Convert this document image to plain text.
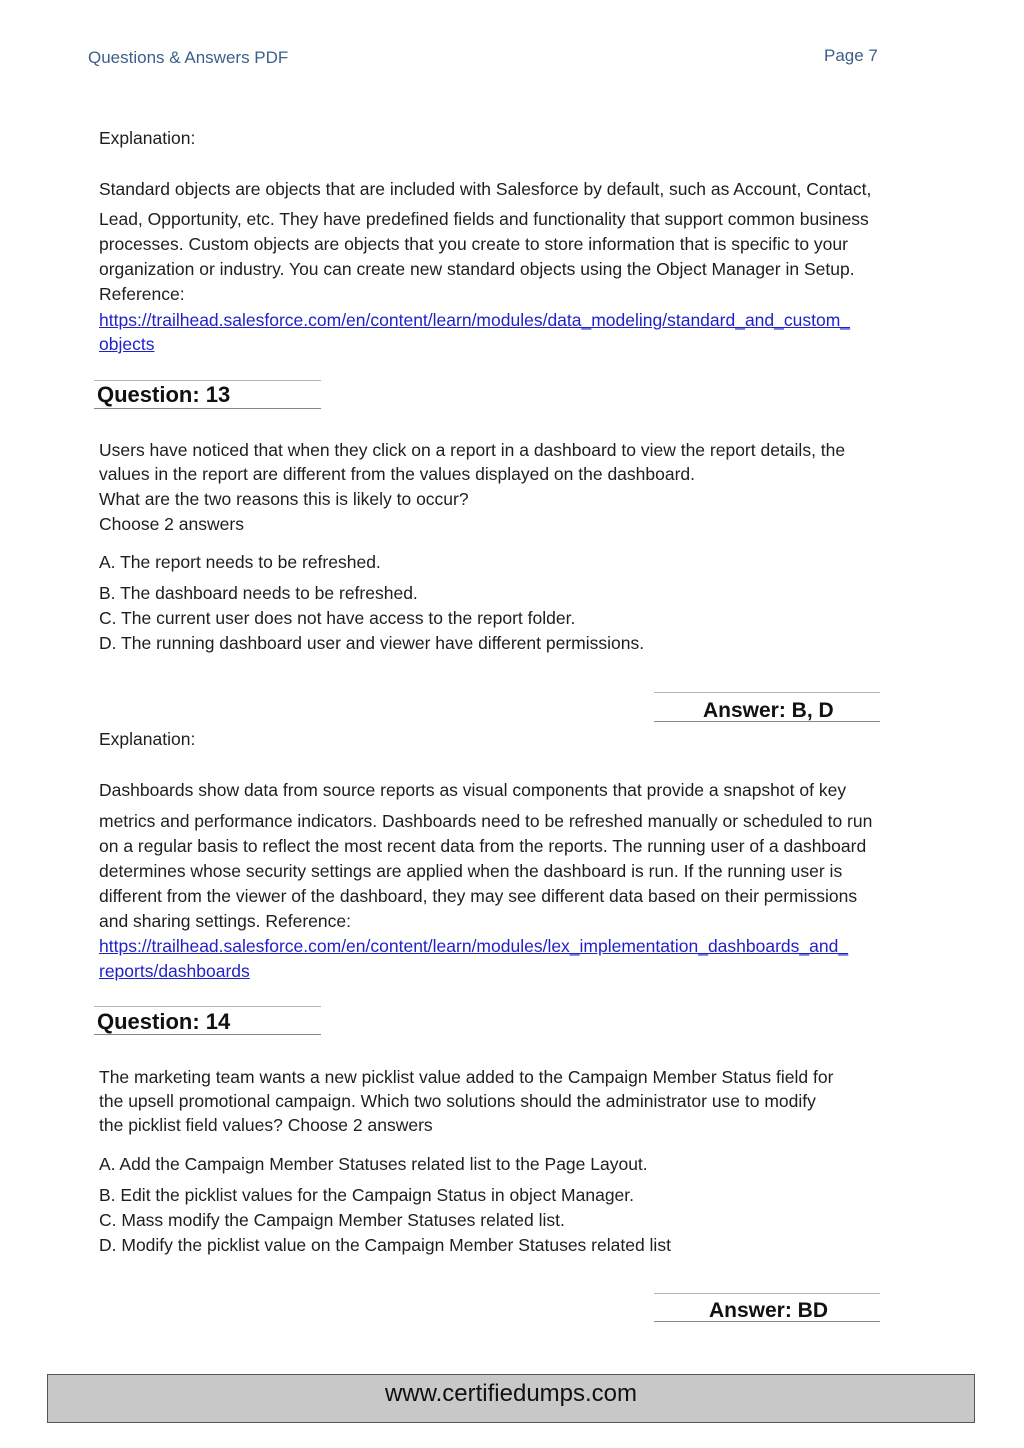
Questions & Answers PDF	Page 7
Explanation:
Standard objects are objects that are included with Salesforce by default, such as Account, Contact,
Lead, Opportunity, etc. They have predefined fields and functionality that support common business
processes. Custom objects are objects that you create to store information that is specific to your
organization or industry. You can create new standard objects using the Object Manager in Setup.
Reference:
https://trailhead.salesforce.com/en/content/learn/modules/data_modeling/standard_and_custom_
objects
Question: 13
Users have noticed that when they click on a report in a dashboard to view the report details, the
values in the report are different from the values displayed on the dashboard.
What are the two reasons this is likely to occur?
Choose 2 answers
A. The report needs to be refreshed.
B. The dashboard needs to be refreshed.
C. The current user does not have access to the report folder.
D. The running dashboard user and viewer have different permissions.
Answer: B, D
Explanation:
Dashboards show data from source reports as visual components that provide a snapshot of key
metrics and performance indicators. Dashboards need to be refreshed manually or scheduled to run
on a regular basis to reflect the most recent data from the reports. The running user of a dashboard
determines whose security settings are applied when the dashboard is run. If the running user is
different from the viewer of the dashboard, they may see different data based on their permissions
and sharing settings. Reference:
https://trailhead.salesforce.com/en/content/learn/modules/lex_implementation_dashboards_and_
reports/dashboards
Question: 14
The marketing team wants a new picklist value added to the Campaign Member Status field for
the upsell promotional campaign. Which two solutions should the administrator use to modify
the picklist field values? Choose 2 answers
A. Add the Campaign Member Statuses related list to the Page Layout.
B. Edit the picklist values for the Campaign Status in object Manager.
C. Mass modify the Campaign Member Statuses related list.
D. Modify the picklist value on the Campaign Member Statuses related list
Answer: BD
www.certifiedumps.com
